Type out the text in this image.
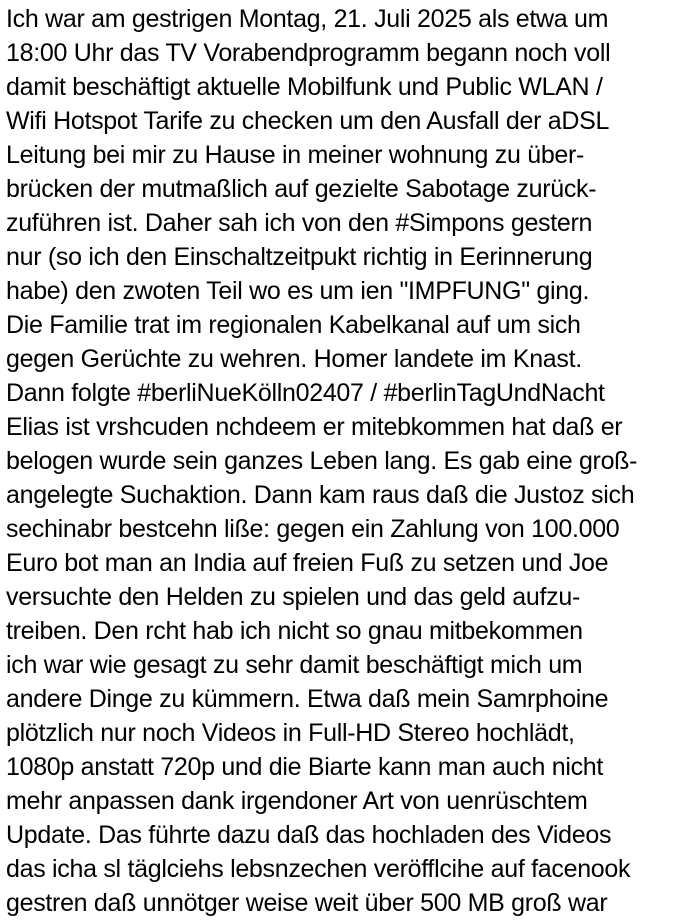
Ich war am gestrigen Montag, 21. Juli 2025 als etwa um
18:00 Uhr das TV Vorabendprogramm begann noch voll
damit beschäftigt aktuelle Mobilfunk und Public WLAN /
Wifi Hotspot Tarife zu checken um den Ausfall der aDSL
Leitung bei mir zu Hause in meiner wohnung zu über-
brücken der mutmaßlich auf gezielte Sabotage zurück-
zuführen ist. Daher sah ich von den #Simpons gestern
nur (so ich den Einschaltzeitpukt richtig in Eerinnerung
habe) den zwoten Teil wo es um ien "IMPFUNG" ging.
Die Familie trat im regionalen Kabelkanal auf um sich
gegen Gerüchte zu wehren. Homer landete im Knast.
Dann folgte #berliNueKölln02407 / #berlinTagUndNacht
Elias ist vrshcuden nchdeem er mitebkommen hat daß er
belogen wurde sein ganzes Leben lang. Es gab eine groß-
angelegte Suchaktion. Dann kam raus daß die Justoz sich
sechinabr bestcehn liße: gegen ein Zahlung von 100.000
Euro bot man an India auf freien Fuß zu setzen und Joe
versuchte den Helden zu spielen und das geld aufzu-
treiben. Den rcht hab ich nicht so gnau mitbekommen
ich war wie gesagt zu sehr damit beschäftigt mich um
andere Dinge zu kümmern. Etwa daß mein Samrphoine
plötzlich nur noch Videos in Full-HD Stereo hochlädt,
1080p anstatt 720p und die Biarte kann man auch nicht
mehr anpassen dank irgendoner Art von uenrüschtem
Update. Das führte dazu daß das hochladen des Videos
das icha sl täglciehs lebsnzechen veröfflcihe auf facenook
gestren daß unnötger weise weit über 500 MB groß war
